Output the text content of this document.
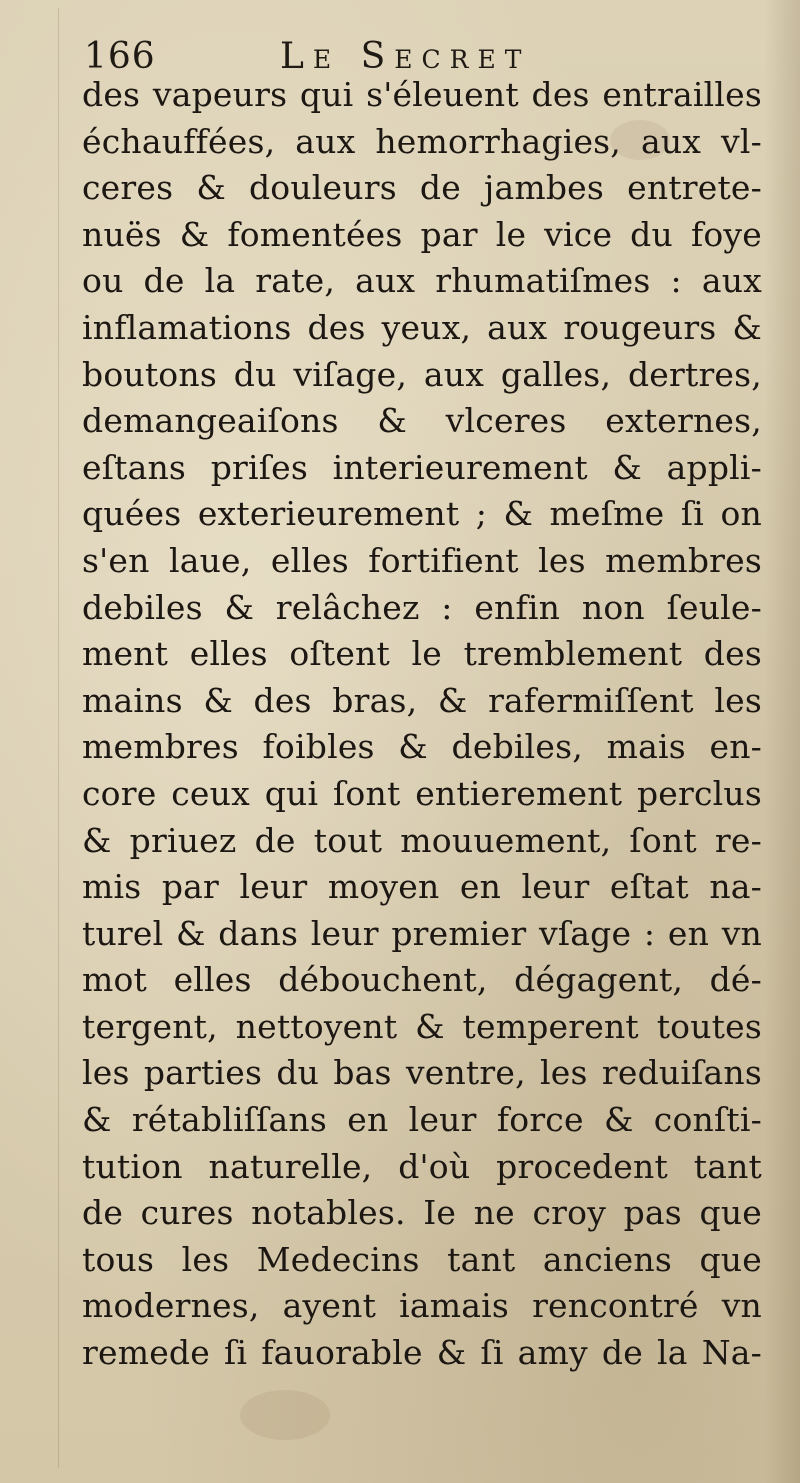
166	Le Secret
des vapeurs qui s'éleuent des entrailles
échauffées, aux hemorrhagies, aux vl-
ceres & douleurs de jambes entrete-
nuës & fomentées par le vice du foye
ou de la rate, aux rhumatiſmes : aux
inflamations des yeux, aux rougeurs &
boutons du viſage, aux galles, dertres,
demangeaiſons & vlceres externes,
eſtans priſes interieurement & appli-
quées exterieurement ; & meſme ſi on
s'en laue, elles fortifient les membres
debiles & relâchez : enfin non ſeule-
ment elles oſtent le tremblement des
mains & des bras, & rafermiſſent les
membres foibles & debiles, mais en-
core ceux qui ſont entierement perclus
& priuez de tout mouuement, ſont re-
mis par leur moyen en leur eſtat na-
turel & dans leur premier vſage : en vn
mot elles débouchent, dégagent, dé-
tergent, nettoyent & temperent toutes
les parties du bas ventre, les reduiſans
& rétabliſſans en leur force & conſti-
tution naturelle, d'où procedent tant
de cures notables. Ie ne croy pas que
tous les Medecins tant anciens que
modernes, ayent iamais rencontré vn
remede ſi fauorable & ſi amy de la Na-
